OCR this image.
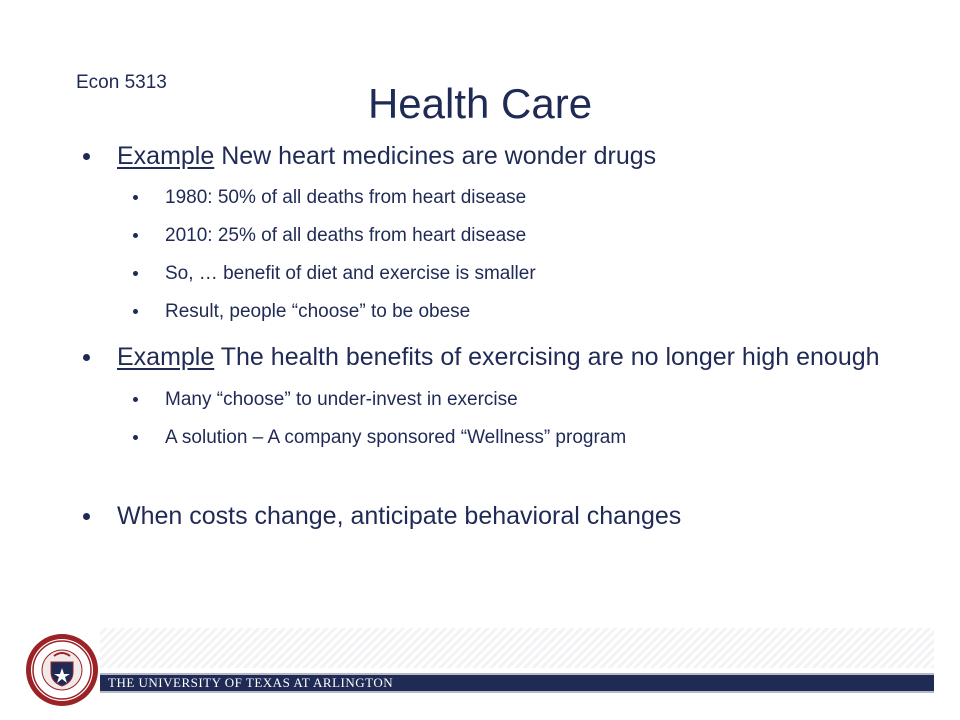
Econ 5313	Health Care
Example New heart medicines are wonder drugs
1980: 50% of all deaths from heart disease
2010: 25% of all deaths from heart disease
So, … benefit of diet and exercise is smaller
Result, people “choose” to be obese
Example The health benefits of exercising are no longer high enough
Many “choose” to under-invest in exercise
A solution – A company sponsored “Wellness” program
When costs change, anticipate behavioral changes
THE UNIVERSITY OF TEXAS AT ARLINGTON
